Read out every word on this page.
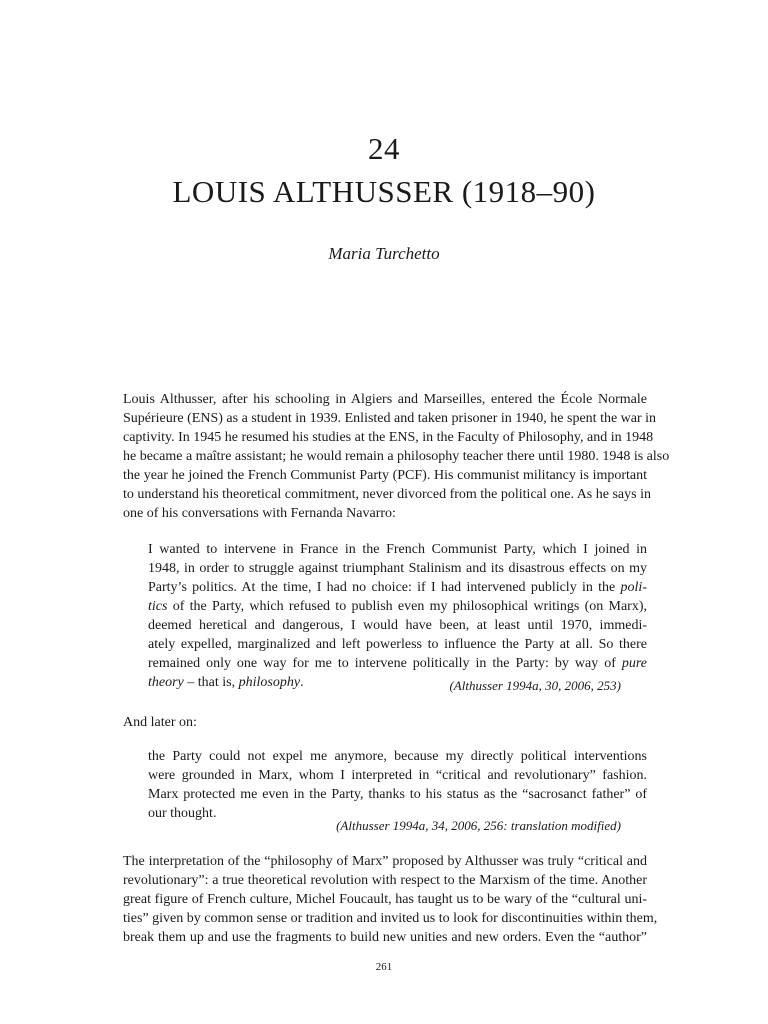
24
LOUIS ALTHUSSER (1918–90)
Maria Turchetto
Louis Althusser, after his schooling in Algiers and Marseilles, entered the École Normale
Supérieure (ENS) as a student in 1939. Enlisted and taken prisoner in 1940, he spent the war in
captivity. In 1945 he resumed his studies at the ENS, in the Faculty of Philosophy, and in 1948
he became a maître assistant; he would remain a philosophy teacher there until 1980. 1948 is also
the year he joined the French Communist Party (PCF). His communist militancy is important
to understand his theoretical commitment, never divorced from the political one. As he says in
one of his conversations with Fernanda Navarro:
I wanted to intervene in France in the French Communist Party, which I joined in
1948, in order to struggle against triumphant Stalinism and its disastrous effects on my
Party’s politics. At the time, I had no choice: if I had intervened publicly in the poli-
tics of the Party, which refused to publish even my philosophical writings (on Marx),
deemed heretical and dangerous, I would have been, at least until 1970, immedi-
ately expelled, marginalized and left powerless to influence the Party at all. So there
remained only one way for me to intervene politically in the Party: by way of pure
theory – that is, philosophy.	(Althusser 1994a, 30, 2006, 253)
And later on:
the Party could not expel me anymore, because my directly political interventions
were grounded in Marx, whom I interpreted in “critical and revolutionary” fashion.
Marx protected me even in the Party, thanks to his status as the “sacrosanct father” of
our thought.
(Althusser 1994a, 34, 2006, 256: translation modified)
The interpretation of the “philosophy of Marx” proposed by Althusser was truly “critical and
revolutionary”: a true theoretical revolution with respect to the Marxism of the time. Another
great figure of French culture, Michel Foucault, has taught us to be wary of the “cultural uni-
ties” given by common sense or tradition and invited us to look for discontinuities within them,
break them up and use the fragments to build new unities and new orders. Even the “author”
261
